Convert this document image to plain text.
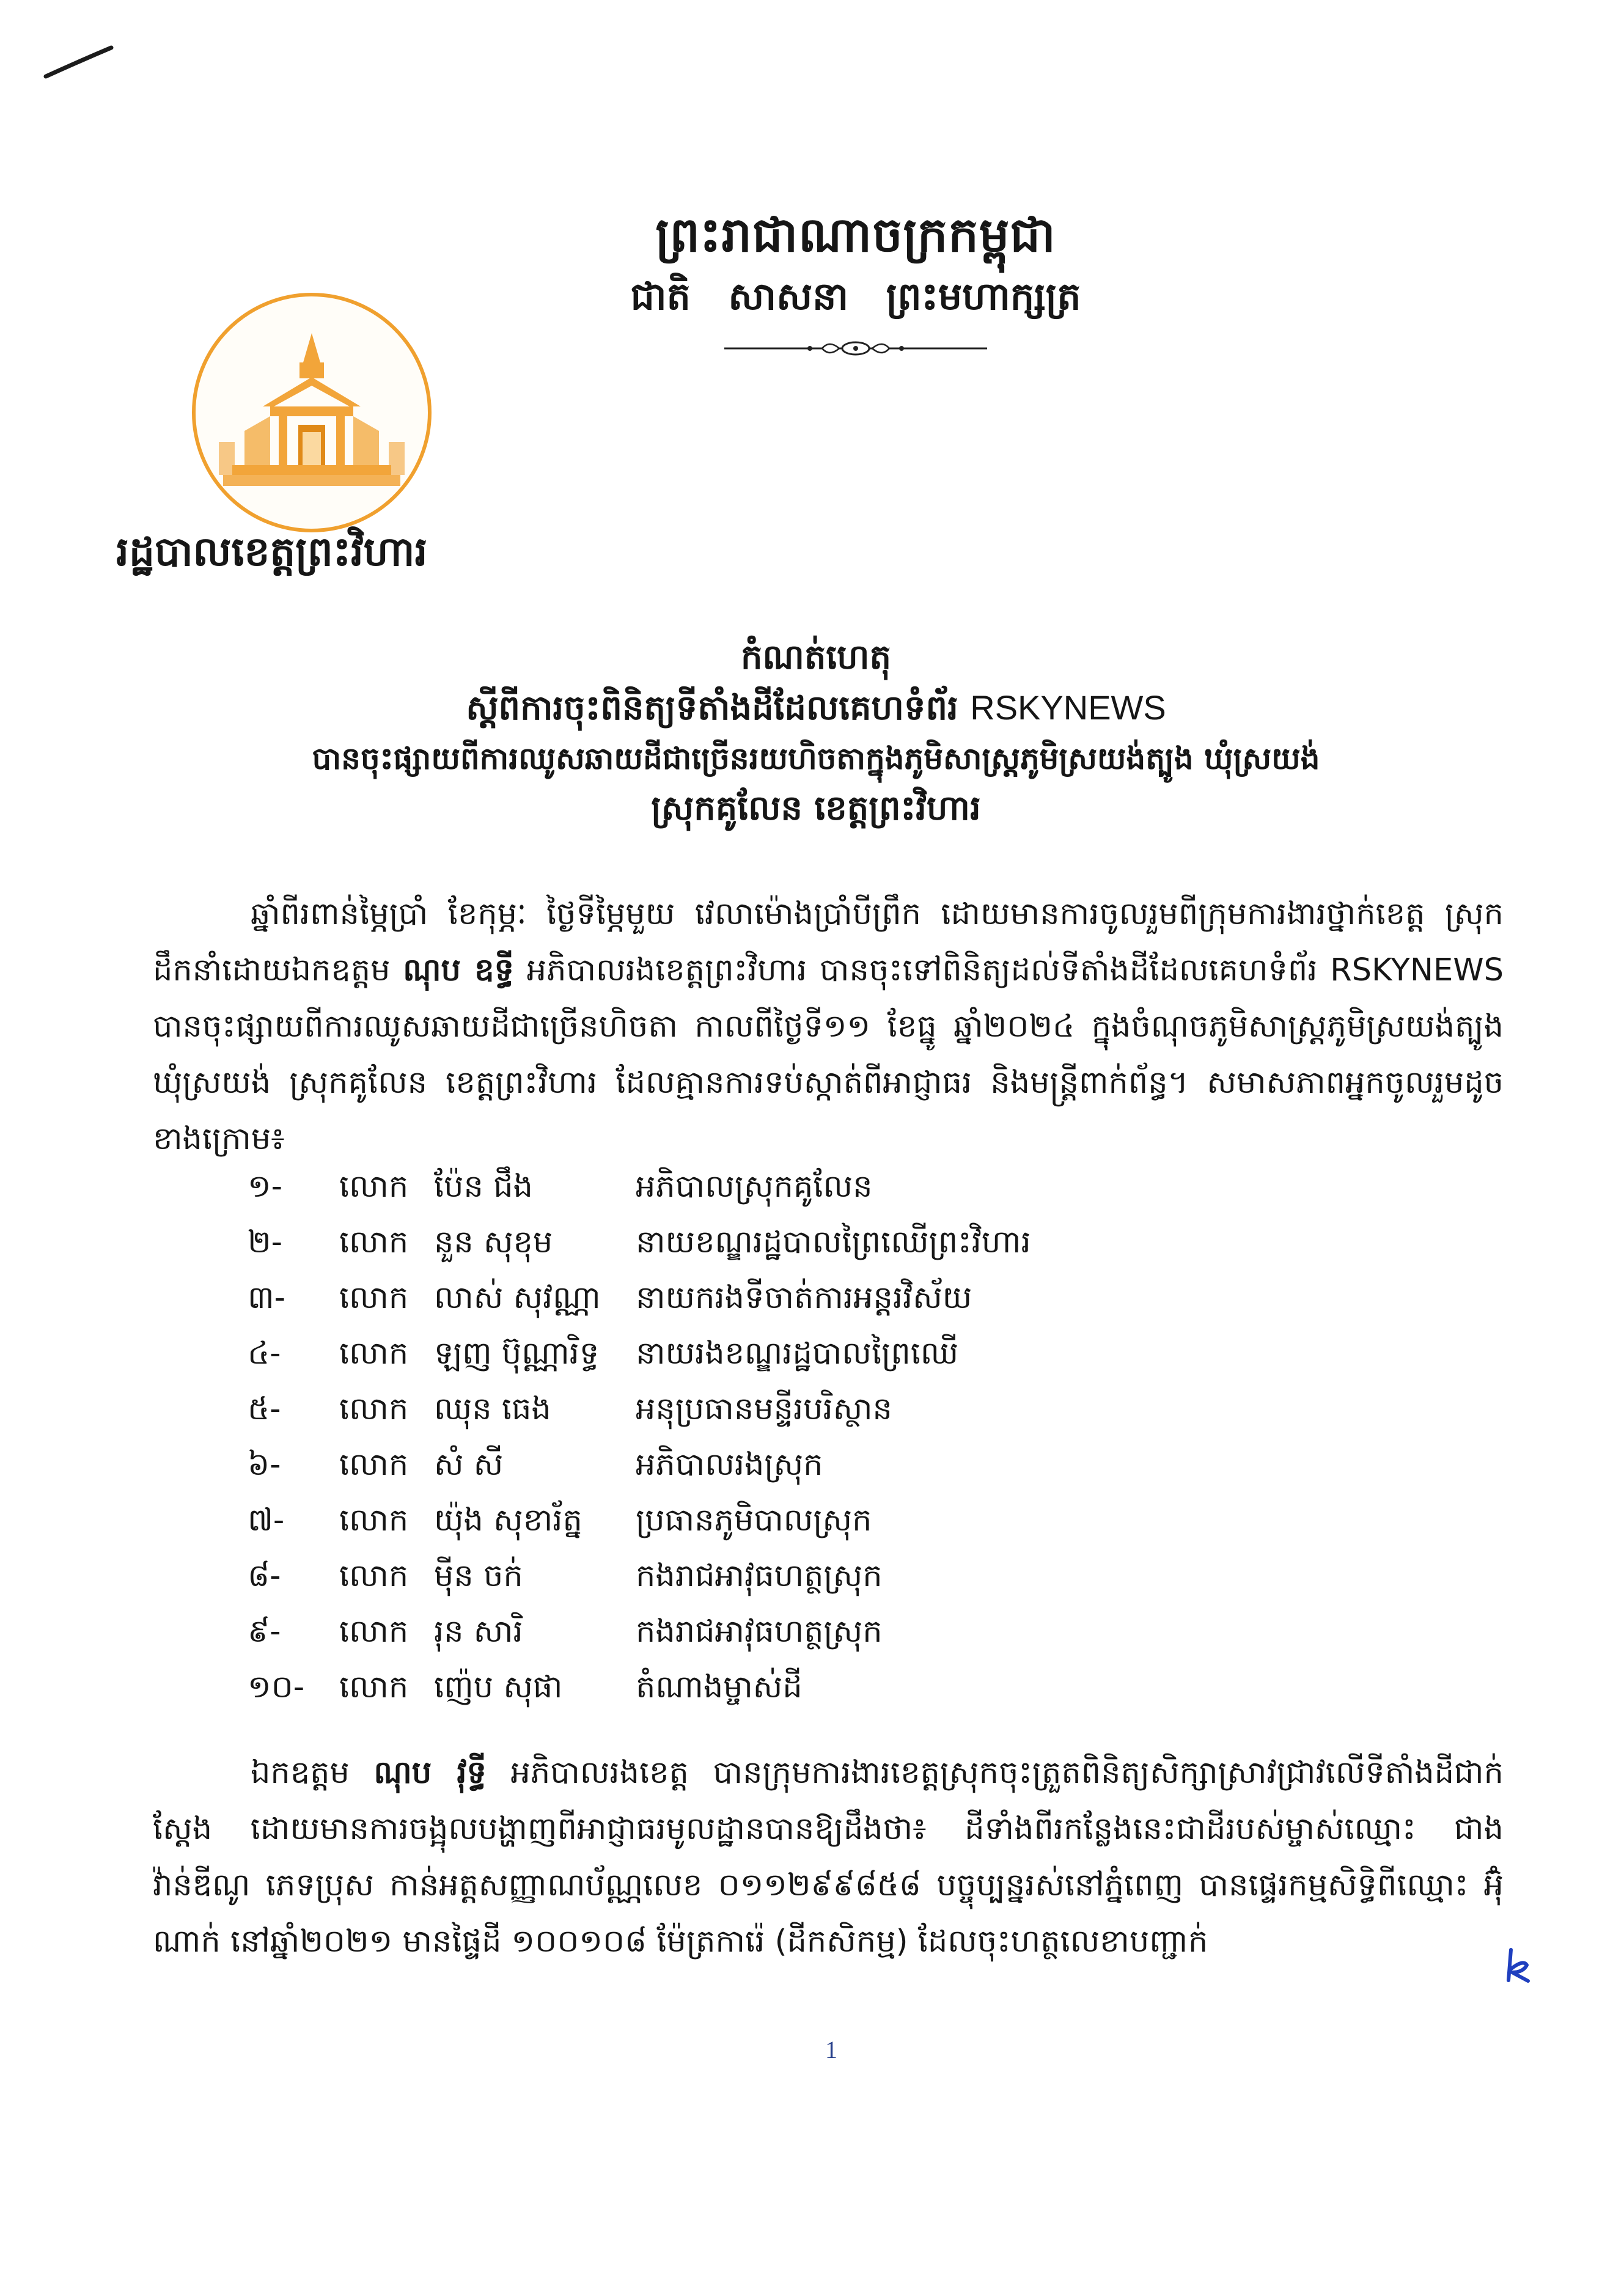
ព្រះរាជាណាចក្រកម្ពុជា
ជាតិ សាសនា ព្រះមហាក្សត្រ
រដ្ឋបាលខេត្តព្រះវិហារ
កំណត់ហេតុ
ស្ដីពីការចុះពិនិត្យទីតាំងដីដែលគេហទំព័រ RSKYNEWS
បានចុះផ្សាយពីការឈូសឆាយដីជាច្រើនរយហិចតាក្នុងភូមិសាស្ត្រភូមិស្រយង់ត្បូង ឃុំស្រយង់
ស្រុកគូលែន ខេត្តព្រះវិហារ
ឆ្នាំពីរពាន់ម្ភៃប្រាំ ខែកុម្ភៈ ថ្ងៃទីម្ភៃមួយ វេលាម៉ោងប្រាំបីព្រឹក ដោយមានការចូលរួមពីក្រុមការងារថ្នាក់ខេត្ត ស្រុកដឹកនាំដោយឯកឧត្តម ណុប ឧទ្ធី អភិបាលរងខេត្តព្រះវិហារ បានចុះទៅពិនិត្យដល់ទីតាំងដីដែលគេហទំព័រ RSKYNEWS បានចុះផ្សាយពីការឈូសឆាយដីជាច្រើនហិចតា កាលពីថ្ងៃទី១១ ខែធ្នូ ឆ្នាំ២០២៤ ក្នុងចំណុចភូមិសាស្ត្រភូមិស្រយង់ត្បូង ឃុំស្រយង់ ស្រុកគូលែន ខេត្តព្រះវិហារ ដែលគ្មានការទប់ស្កាត់ពីអាជ្ញាធរ និងមន្ត្រីពាក់ព័ន្ធ។ សមាសភាពអ្នកចូលរួមដូចខាងក្រោម៖
១-	លោក ប៉ែន ជឹង	អភិបាលស្រុកគូលែន
២-	លោក នួន សុខុម	នាយខណ្ឌរដ្ឋបាលព្រៃឈើព្រះវិហារ
៣-	លោក លាស់ សុវណ្ណា	នាយករងទីចាត់ការអន្តរវិស័យ
៤-	លោក ឡញ ប៊ុណ្ណារិទ្ធ	នាយរងខណ្ឌរដ្ឋបាលព្រៃឈើ
៥-	លោក ឈុន ធេង	អនុប្រធានមន្ទីរបរិស្ថាន
៦-	លោក សំ សី	អភិបាលរងស្រុក
៧-	លោក យ៉ុង សុខារ័ត្ន	ប្រធានភូមិបាលស្រុក
៨-	លោក ម៉ីន ចក់	កងរាជអាវុធហត្ថស្រុក
៩-	លោក រុន សារិ	កងរាជអាវុធហត្ថស្រុក
១០-	លោក ញ៉េប សុផា	តំណាងម្ចាស់ដី
ឯកឧត្តម ណុប វុទ្ធី អភិបាលរងខេត្ត បានក្រុមការងារខេត្តស្រុកចុះត្រួតពិនិត្យសិក្សាស្រាវជ្រាវលើទីតាំងដីជាក់ស្តែង ដោយមានការចង្អុលបង្ហាញពីអាជ្ញាធរមូលដ្ឋានបានឱ្យដឹងថា៖ ដីទាំងពីរកន្លែងនេះជាដីរបស់ម្ចាស់ឈ្មោះ ជាង វ៉ាន់ឌីណូ ភេទប្រុស កាន់អត្តសញ្ញាណប័ណ្ណលេខ ០១១២៩៩៨៥៨ បច្ចុប្បន្នរស់នៅភ្នំពេញ បានផ្ទេរកម្មសិទ្ធិពីឈ្មោះ អ៊ុំ ណាក់ នៅឆ្នាំ២០២១ មានផ្ទៃដី ១០០១០៨ ម៉ែត្រការ៉េ (ដីកសិកម្ម) ដែលចុះហត្ថលេខាបញ្ជាក់
1
